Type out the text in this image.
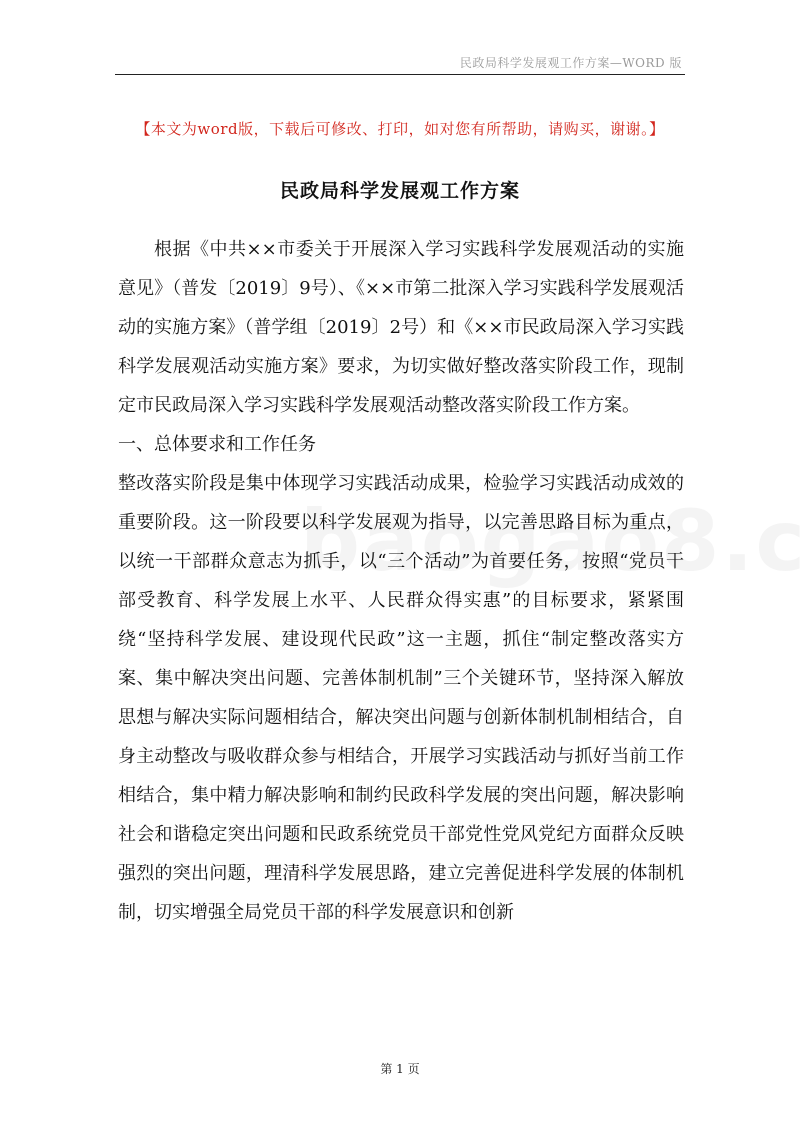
民政局科学发展观工作方案—WORD 版
【本文为word版，下载后可修改、打印，如对您有所帮助，请购买，谢谢。】
民政局科学发展观工作方案

根据《中共××市委关于开展深入学习实践科学发展观活动的实施意见》（普发〔2019〕9号）、《××市第二批深入学习实践科学发展观活动的实施方案》（普学组〔2019〕2号）和《××市民政局深入学习实践科学发展观活动实施方案》要求，为切实做好整改落实阶段工作，现制定市民政局深入学习实践科学发展观活动整改落实阶段工作方案。

一、总体要求和工作任务

整改落实阶段是集中体现学习实践活动成果，检验学习实践活动成效的重要阶段。这一阶段要以科学发展观为指导，以完善思路目标为重点，以统一干部群众意志为抓手，以“三个活动”为首要任务，按照“党员干部受教育、科学发展上水平、人民群众得实惠”的目标要求，紧紧围绕“坚持科学发展、建设现代民政”这一主题，抓住“制定整改落实方案、集中解决突出问题、完善体制机制”三个关键环节，坚持深入解放思想与解决实际问题相结合，解决突出问题与创新体制机制相结合，自身主动整改与吸收群众参与相结合，开展学习实践活动与抓好当前工作相结合，集中精力解决影响和制约民政科学发展的突出问题，解决影响社会和谐稳定突出问题和民政系统党员干部党性党风党纪方面群众反映强烈的突出问题，理清科学发展思路，建立完善促进科学发展的体制机制，切实增强全局党员干部的科学发展意识和创新

第 1 页
